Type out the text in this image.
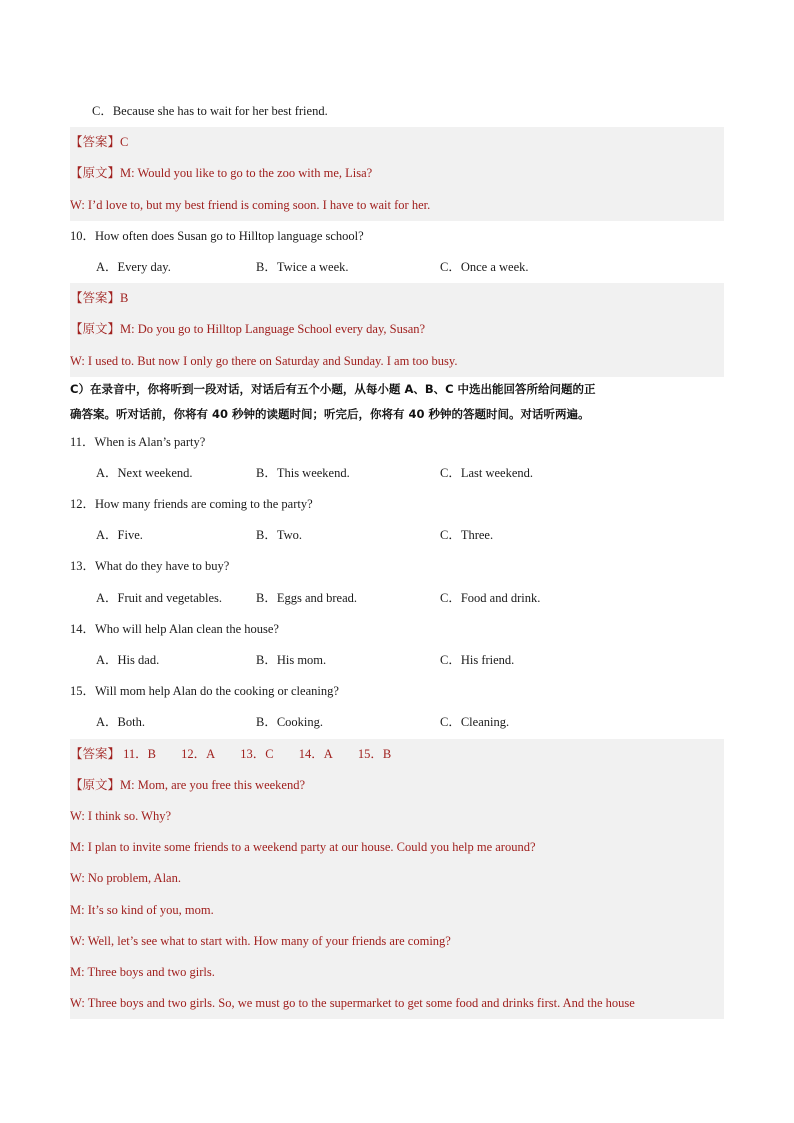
C．Because she has to wait for her best friend.
【答案】C
【原文】M: Would you like to go to the zoo with me, Lisa?
W: I’d love to, but my best friend is coming soon. I have to wait for her.
10．How often does Susan go to Hilltop language school?
A．Every day.	B．Twice a week.	C．Once a week.
【答案】B
【原文】M: Do you go to Hilltop Language School every day, Susan?
W: I used to. But now I only go there on Saturday and Sunday. I am too busy.
C）在录音中，你将听到一段对话，对话后有五个小题，从每小题 A、B、C 中选出能回答所给问题的正
确答案。听对话前，你将有 40 秒钟的读题时间；听完后，你将有 40 秒钟的答题时间。对话听两遍。
11．When is Alan’s party?
A．Next weekend.	B．This weekend.	C．Last weekend.
12．How many friends are coming to the party?
A．Five.	B．Two.	C．Three.
13．What do they have to buy?
A．Fruit and vegetables.	B．Eggs and bread.	C．Food and drink.
14．Who will help Alan clean the house?
A．His dad.	B．His mom.	C．His friend.
15．Will mom help Alan do the cooking or cleaning?
A．Both.	B．Cooking.	C．Cleaning.
【答案】 11．B 12．A 13．C 14．A 15．B
【原文】M: Mom, are you free this weekend?
W: I think so. Why?
M: I plan to invite some friends to a weekend party at our house. Could you help me around?
W: No problem, Alan.
M: It’s so kind of you, mom.
W: Well, let’s see what to start with. How many of your friends are coming?
M: Three boys and two girls.
W: Three boys and two girls. So, we must go to the supermarket to get some food and drinks first. And the house
